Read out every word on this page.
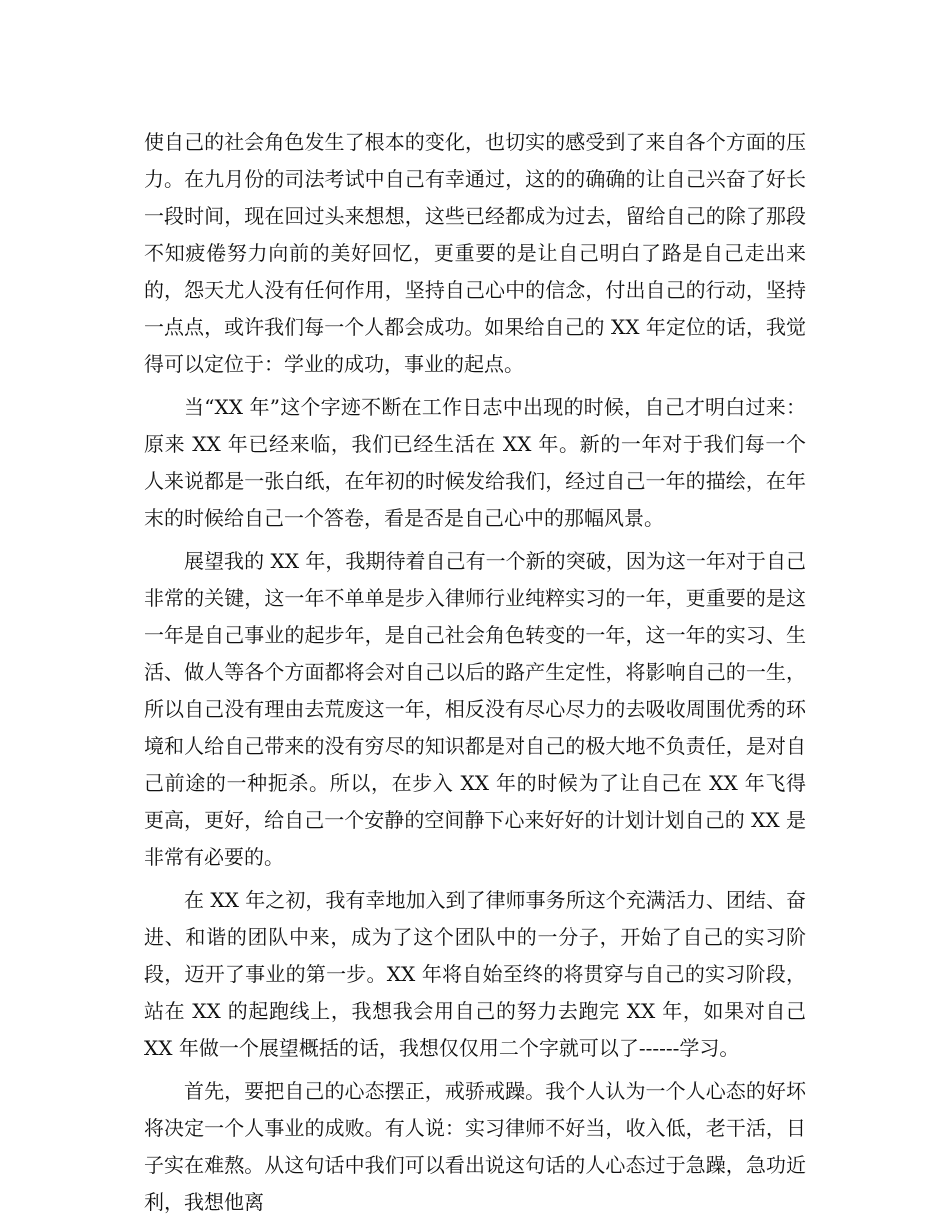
使自己的社会角色发生了根本的变化，也切实的感受到了来自各个方面的压力。在九月份的司法考试中自己有幸通过，这的的确确的让自己兴奋了好长一段时间，现在回过头来想想，这些已经都成为过去，留给自己的除了那段不知疲倦努力向前的美好回忆，更重要的是让自己明白了路是自己走出来的，怨天尤人没有任何作用，坚持自己心中的信念，付出自己的行动，坚持一点点，或许我们每一个人都会成功。如果给自己的 XX 年定位的话，我觉得可以定位于：学业的成功，事业的起点。

当“XX 年”这个字迹不断在工作日志中出现的时候，自己才明白过来：原来 XX 年已经来临，我们已经生活在 XX 年。新的一年对于我们每一个人来说都是一张白纸，在年初的时候发给我们，经过自己一年的描绘，在年末的时候给自己一个答卷，看是否是自己心中的那幅风景。

展望我的 XX 年，我期待着自己有一个新的突破，因为这一年对于自己非常的关键，这一年不单单是步入律师行业纯粹实习的一年，更重要的是这一年是自己事业的起步年，是自己社会角色转变的一年，这一年的实习、生活、做人等各个方面都将会对自己以后的路产生定性，将影响自己的一生，所以自己没有理由去荒废这一年，相反没有尽心尽力的去吸收周围优秀的环境和人给自己带来的没有穷尽的知识都是对自己的极大地不负责任，是对自己前途的一种扼杀。所以，在步入 XX 年的时候为了让自己在 XX 年飞得更高，更好，给自己一个安静的空间静下心来好好的计划计划自己的 XX 是非常有必要的。

在 XX 年之初，我有幸地加入到了律师事务所这个充满活力、团结、奋进、和谐的团队中来，成为了这个团队中的一分子，开始了自己的实习阶段，迈开了事业的第一步。XX 年将自始至终的将贯穿与自己的实习阶段，站在 XX 的起跑线上，我想我会用自己的努力去跑完 XX 年，如果对自己 XX 年做一个展望概括的话，我想仅仅用二个字就可以了------学习。

首先，要把自己的心态摆正，戒骄戒躁。我个人认为一个人心态的好坏将决定一个人事业的成败。有人说：实习律师不好当，收入低，老干活，日子实在难熬。从这句话中我们可以看出说这句话的人心态过于急躁，急功近利，我想他离
